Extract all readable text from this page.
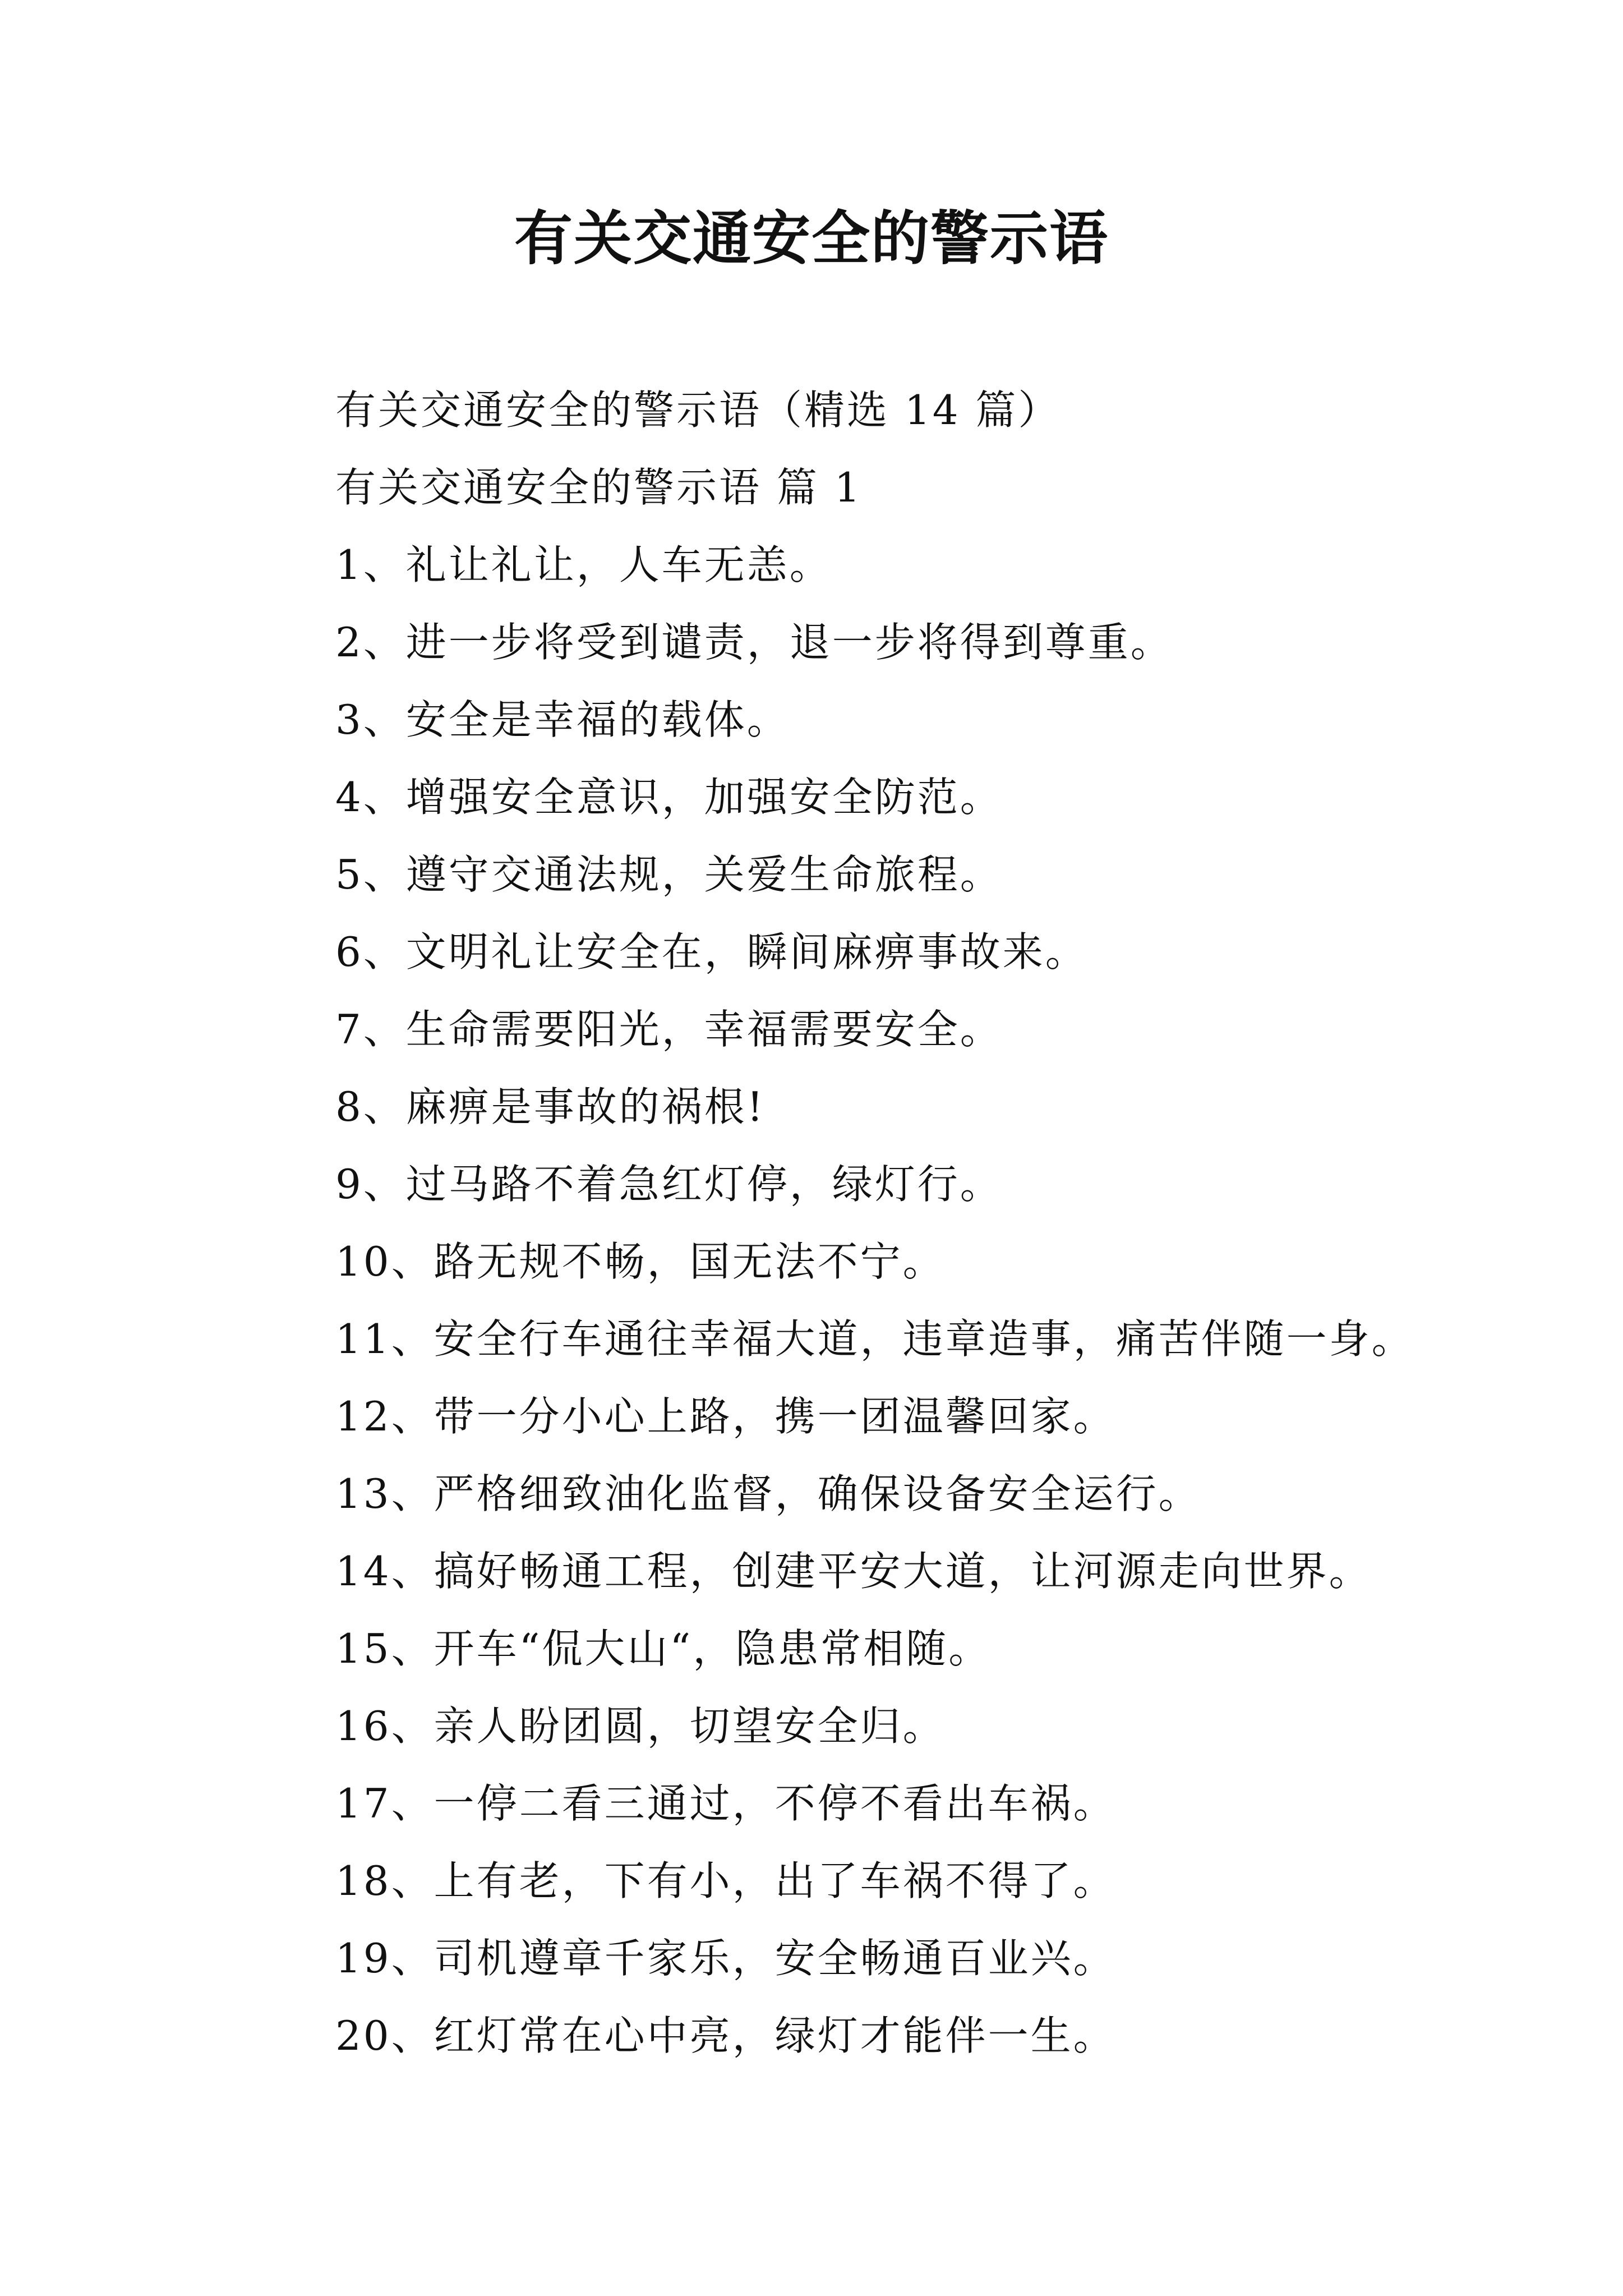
有关交通安全的警示语
有关交通安全的警示语（精选 14 篇）
有关交通安全的警示语 篇 1
1、礼让礼让，人车无恙。
2、进一步将受到谴责，退一步将得到尊重。
3、安全是幸福的载体。
4、增强安全意识，加强安全防范。
5、遵守交通法规，关爱生命旅程。
6、文明礼让安全在，瞬间麻痹事故来。
7、生命需要阳光，幸福需要安全。
8、麻痹是事故的祸根!
9、过马路不着急红灯停，绿灯行。
10、路无规不畅，国无法不宁。
11、安全行车通往幸福大道，违章造事，痛苦伴随一身。
12、带一分小心上路，携一团温馨回家。
13、严格细致油化监督，确保设备安全运行。
14、搞好畅通工程，创建平安大道，让河源走向世界。
15、开车“侃大山“，隐患常相随。
16、亲人盼团圆，切望安全归。
17、一停二看三通过，不停不看出车祸。
18、上有老，下有小，出了车祸不得了。
19、司机遵章千家乐，安全畅通百业兴。
20、红灯常在心中亮，绿灯才能伴一生。
